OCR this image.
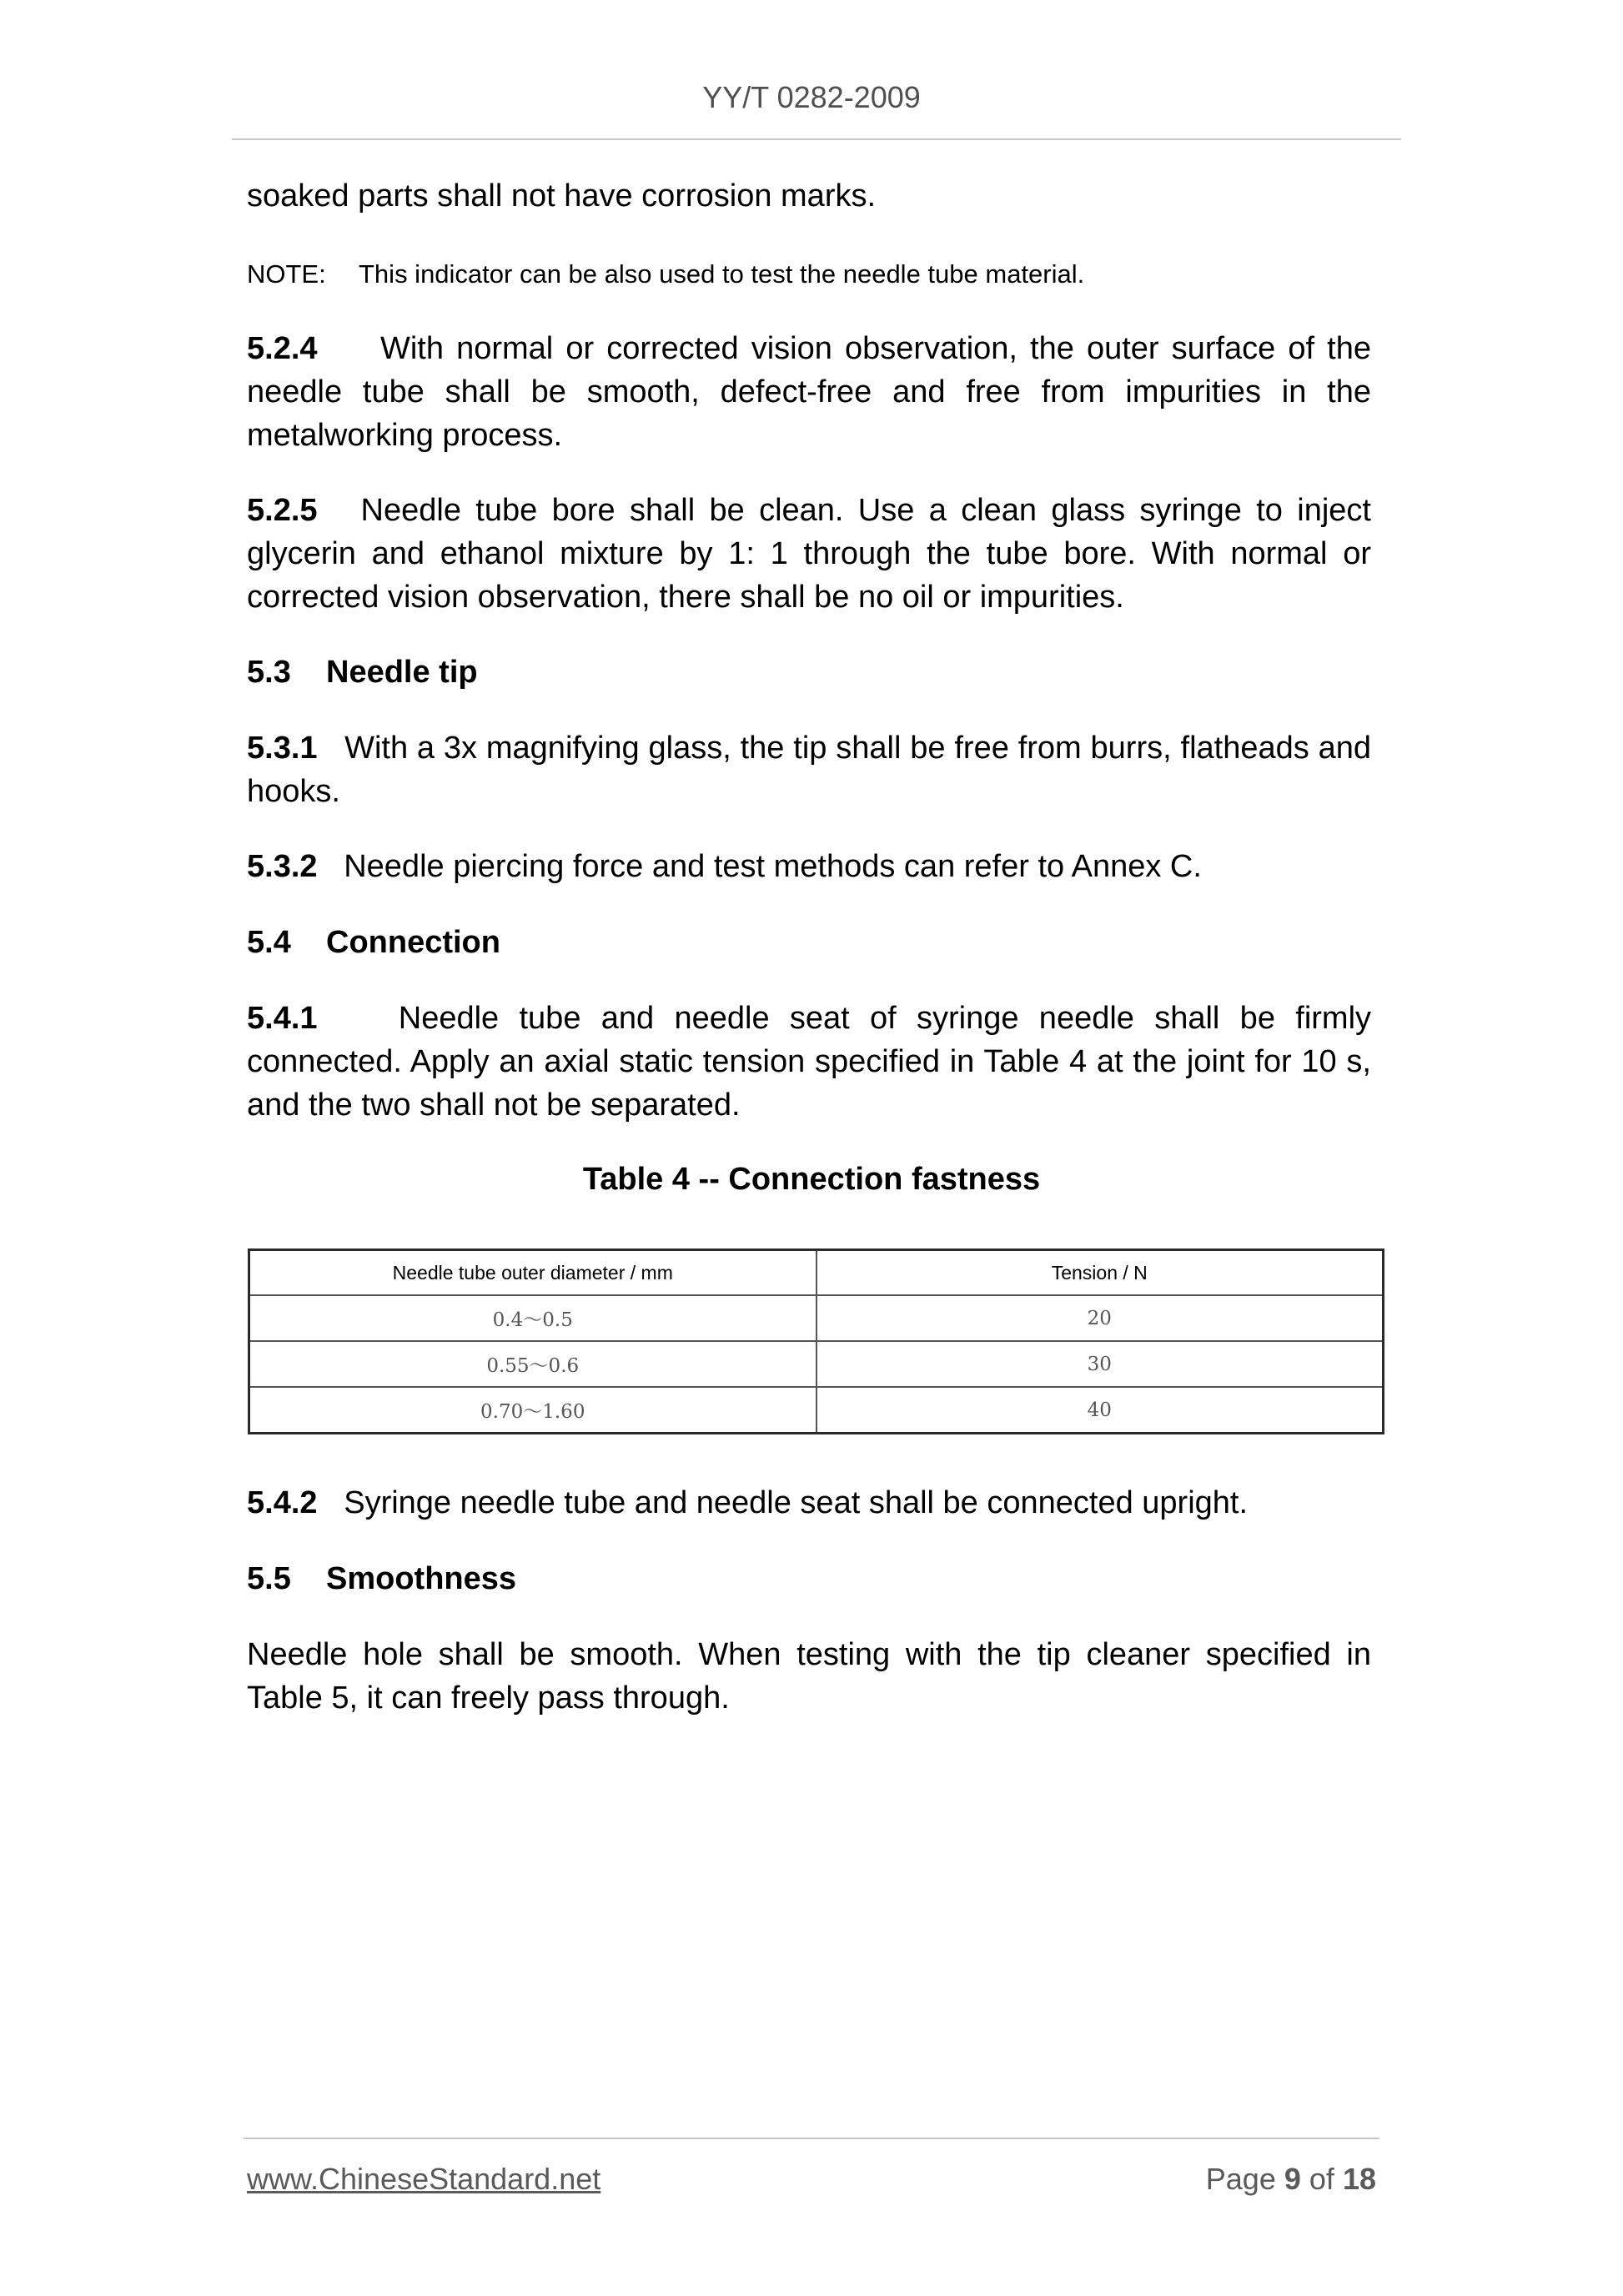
YY/T 0282-2009

soaked parts shall not have corrosion marks.

NOTE: This indicator can be also used to test the needle tube material.

5.2.4 With normal or corrected vision observation, the outer surface of the needle tube shall be smooth, defect-free and free from impurities in the metalworking process.

5.2.5 Needle tube bore shall be clean. Use a clean glass syringe to inject glycerin and ethanol mixture by 1: 1 through the tube bore. With normal or corrected vision observation, there shall be no oil or impurities.

5.3 Needle tip

5.3.1 With a 3x magnifying glass, the tip shall be free from burrs, flatheads and hooks.

5.3.2 Needle piercing force and test methods can refer to Annex C.

5.4 Connection

5.4.1	Needle tube and needle seat of syringe needle shall be firmly connected. Apply an axial static tension specified in Table 4 at the joint for 10 s, and the two shall not be separated.

Table 4 -- Connection fastness
Needle tube outer diameter / mm	Tension / N
0.4～0.5	20
0.55～0.6	30
0.70～1.60	40

5.4.2 Syringe needle tube and needle seat shall be connected upright.

5.5 Smoothness

Needle hole shall be smooth. When testing with the tip cleaner specified in Table 5, it can freely pass through.

www.ChineseStandard.net	Page 9 of 18
